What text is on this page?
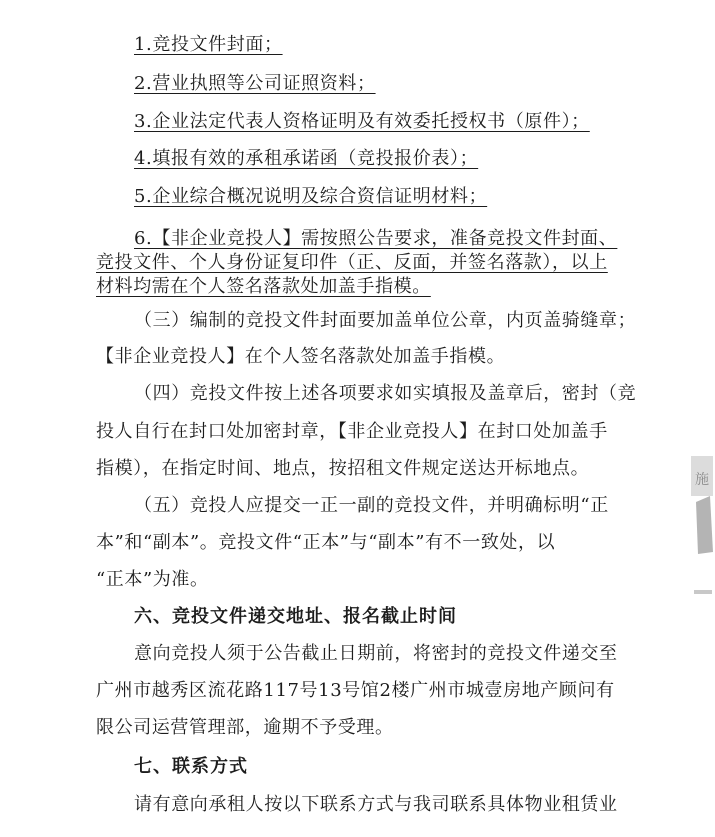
1.竞投文件封面；
2.营业执照等公司证照资料；
3.企业法定代表人资格证明及有效委托授权书（原件）；
4.填报有效的承租承诺函（竞投报价表）；
5.企业综合概况说明及综合资信证明材料；
6.【非企业竞投人】需按照公告要求，准备竞投文件封面、
竞投文件、个人身份证复印件（正、反面，并签名落款），以上
材料均需在个人签名落款处加盖手指模。
（三）编制的竞投文件封面要加盖单位公章，内页盖骑缝章；
【非企业竞投人】在个人签名落款处加盖手指模。
（四）竞投文件按上述各项要求如实填报及盖章后，密封（竞
投人自行在封口处加密封章，【非企业竞投人】在封口处加盖手
指模），在指定时间、地点，按招租文件规定送达开标地点。
（五）竞投人应提交一正一副的竞投文件，并明确标明“正
本”和“副本”。竞投文件“正本”与“副本”有不一致处，以
“正本”为准。
六、竞投文件递交地址、报名截止时间
意向竞投人须于公告截止日期前，将密封的竞投文件递交至
广州市越秀区流花路117号13号馆2楼广州市城壹房地产顾问有
限公司运营管理部，逾期不予受理。
七、联系方式
请有意向承租人按以下联系方式与我司联系具体物业租赁业
施
